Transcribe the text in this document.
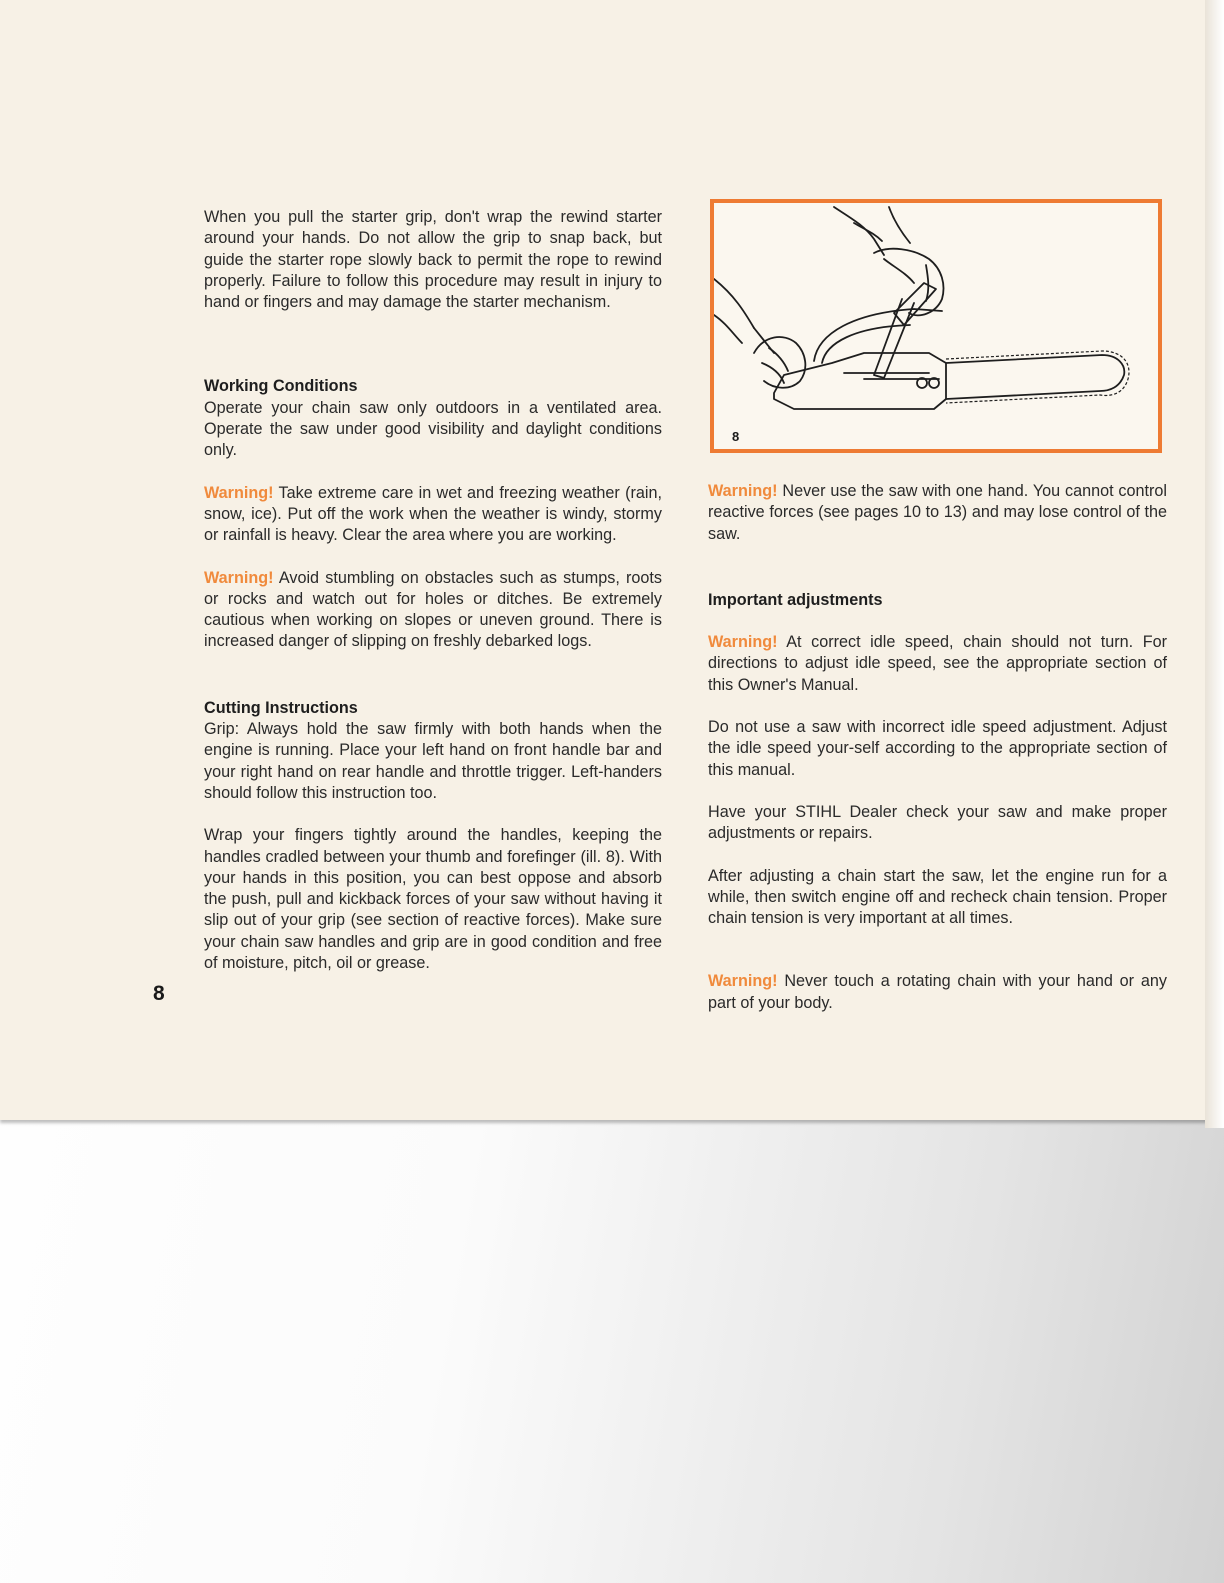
When you pull the starter grip, don't wrap the rewind starter around your hands. Do not allow the grip to snap back, but guide the starter rope slowly back to permit the rope to rewind properly. Failure to follow this procedure may result in injury to hand or fingers and may damage the starter mechanism.

Working Conditions

Operate your chain saw only outdoors in a ventilated area. Operate the saw under good visibility and daylight conditions only.

Warning! Take extreme care in wet and freezing weather (rain, snow, ice). Put off the work when the weather is windy, stormy or rainfall is heavy. Clear the area where you are working.

Warning! Avoid stumbling on obstacles such as stumps, roots or rocks and watch out for holes or ditches. Be extremely cautious when working on slopes or uneven ground. There is increased danger of slipping on freshly debarked logs.

Cutting Instructions

Grip: Always hold the saw firmly with both hands when the engine is running. Place your left hand on front handle bar and your right hand on rear handle and throttle trigger. Left-handers should follow this instruction too.

Wrap your fingers tightly around the handles, keeping the handles cradled between your thumb and forefinger (ill. 8). With your hands in this position, you can best oppose and absorb the push, pull and kickback forces of your saw without having it slip out of your grip (see section of reactive forces). Make sure your chain saw handles and grip are in good condition and free of moisture, pitch, oil or grease.

8
8

Warning! Never use the saw with one hand. You cannot control reactive forces (see pages 10 to 13) and may lose control of the saw.

Important adjustments

Warning! At correct idle speed, chain should not turn. For directions to adjust idle speed, see the appropriate section of this Owner's Manual.

Do not use a saw with incorrect idle speed adjustment. Adjust the idle speed your-self according to the appropriate section of this manual.

Have your STIHL Dealer check your saw and make proper adjustments or repairs.

After adjusting a chain start the saw, let the engine run for a while, then switch engine off and recheck chain tension. Proper chain tension is very important at all times.

Warning! Never touch a rotating chain with your hand or any part of your body.
